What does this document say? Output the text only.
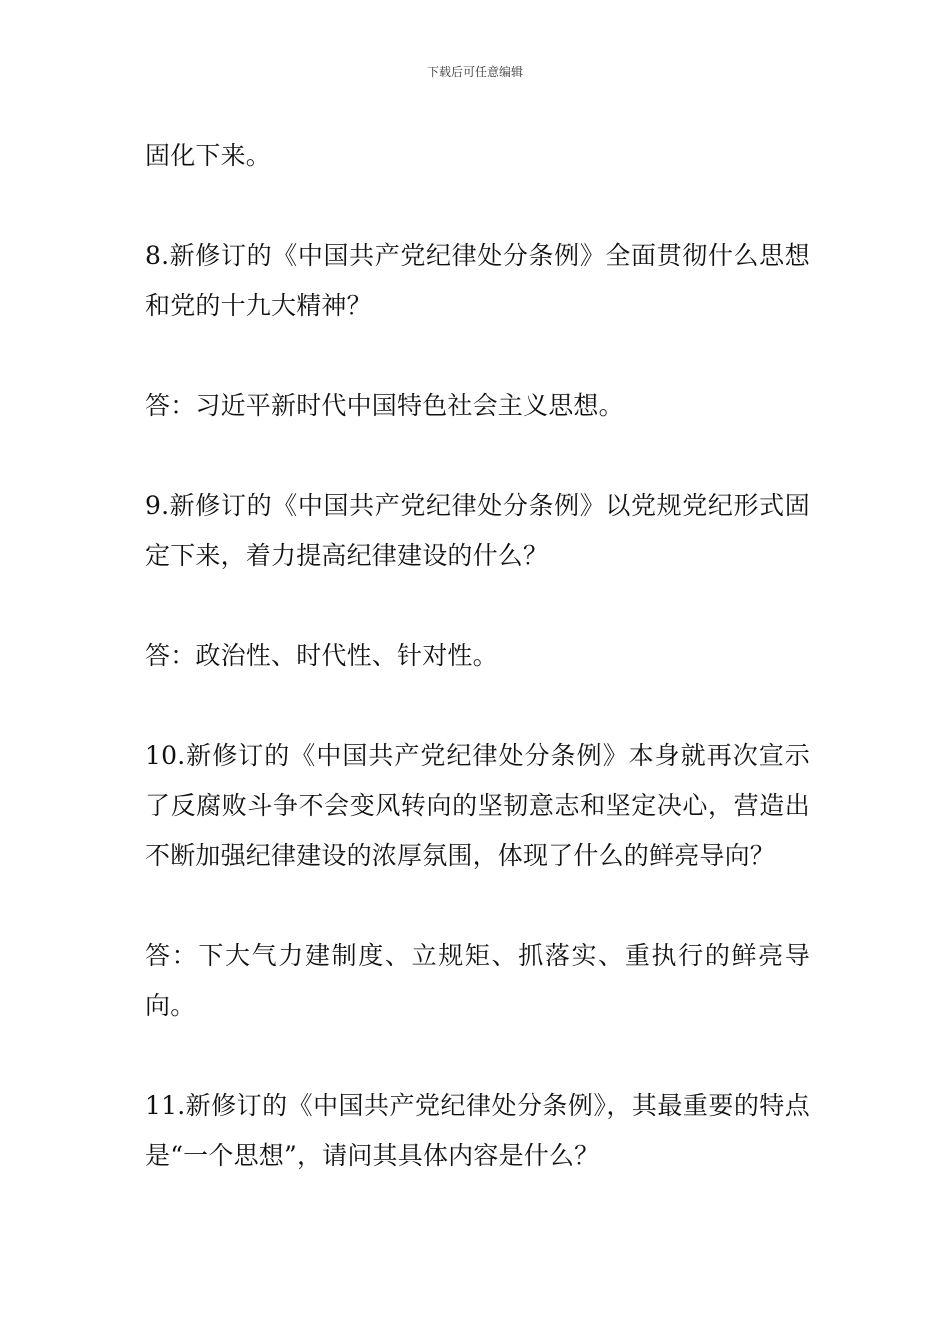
下载后可任意编辑

固化下来。

8.新修订的《中国共产党纪律处分条例》全面贯彻什么思想和党的十九大精神？

答：习近平新时代中国特色社会主义思想。

9.新修订的《中国共产党纪律处分条例》以党规党纪形式固定下来，着力提高纪律建设的什么？

答：政治性、时代性、针对性。

10.新修订的《中国共产党纪律处分条例》本身就再次宣示了反腐败斗争不会变风转向的坚韧意志和坚定决心，营造出不断加强纪律建设的浓厚氛围，体现了什么的鲜亮导向？

答：下大气力建制度、立规矩、抓落实、重执行的鲜亮导向。

11.新修订的《中国共产党纪律处分条例》，其最重要的特点是“一个思想”，请问其具体内容是什么？
